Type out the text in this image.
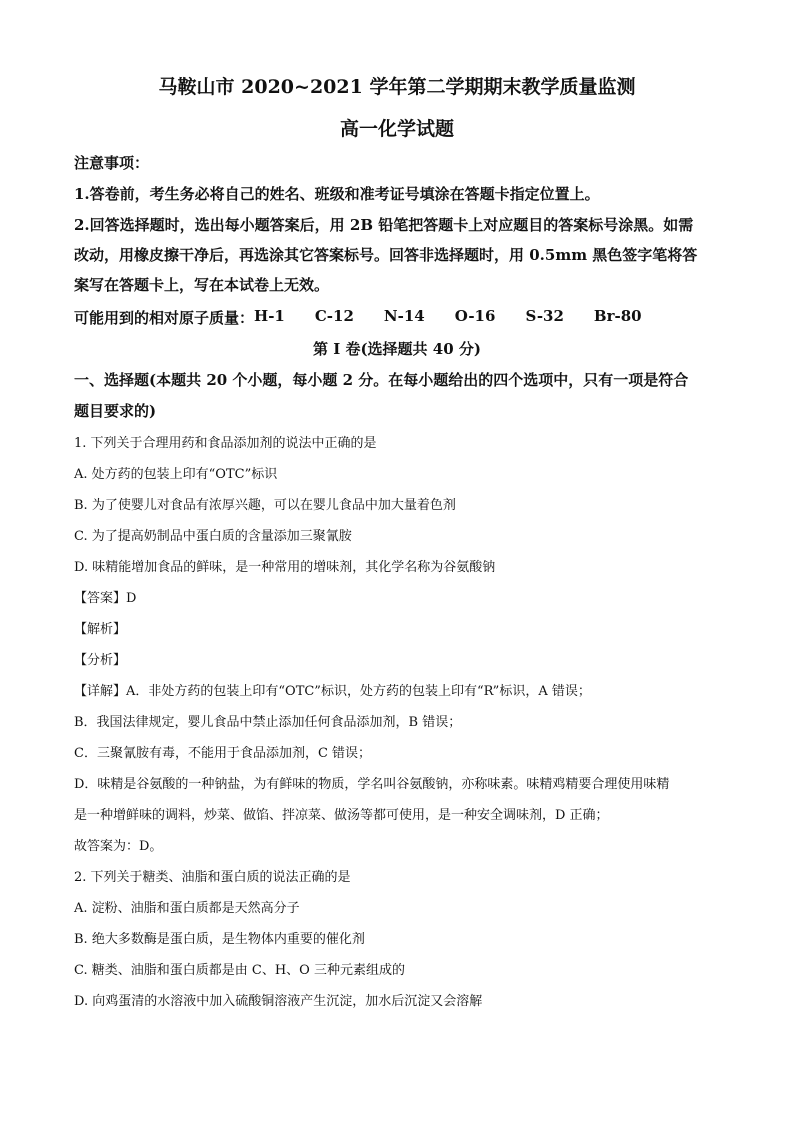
马鞍山市 2020~2021 学年第二学期期末教学质量监测
高一化学试题
注意事项：
1.答卷前，考生务必将自己的姓名、班级和准考证号填涂在答题卡指定位置上。
2.回答选择题时，选出每小题答案后，用 2B 铅笔把答题卡上对应题目的答案标号涂黑。如需
改动，用橡皮擦干净后，再选涂其它答案标号。回答非选择题时，用 0.5mm 黑色签字笔将答
案写在答题卡上，写在本试卷上无效。
可能用到的相对原子质量： H-1 C-12 N-14 O-16 S-32 Br-80
第 I 卷(选择题共 40 分)
一、选择题(本题共 20 个小题，每小题 2 分。在每小题给出的四个选项中，只有一项是符合
题目要求的)
1. 下列关于合理用药和食品添加剂的说法中正确的是
A. 处方药的包装上印有“OTC”标识
B. 为了使婴儿对食品有浓厚兴趣，可以在婴儿食品中加大量着色剂
C. 为了提高奶制品中蛋白质的含量添加三聚氰胺
D. 味精能增加食品的鲜味，是一种常用的增味剂，其化学名称为谷氨酸钠
【答案】D
【解析】
【分析】
【详解】A．非处方药的包装上印有“OTC”标识，处方药的包装上印有“R”标识，A 错误；
B．我国法律规定，婴儿食品中禁止添加任何食品添加剂，B 错误；
C．三聚氰胺有毒，不能用于食品添加剂，C 错误；
D．味精是谷氨酸的一种钠盐，为有鲜味的物质，学名叫谷氨酸钠，亦称味素。味精鸡精要合理使用味精
是一种增鲜味的调料，炒菜、做馅、拌凉菜、做汤等都可使用，是一种安全调味剂，D 正确；
故答案为：D。
2. 下列关于糖类、油脂和蛋白质的说法正确的是
A. 淀粉、油脂和蛋白质都是天然高分子
B. 绝大多数酶是蛋白质，是生物体内重要的催化剂
C. 糖类、油脂和蛋白质都是由 C、H、O 三种元素组成的
D. 向鸡蛋清的水溶液中加入硫酸铜溶液产生沉淀，加水后沉淀又会溶解
